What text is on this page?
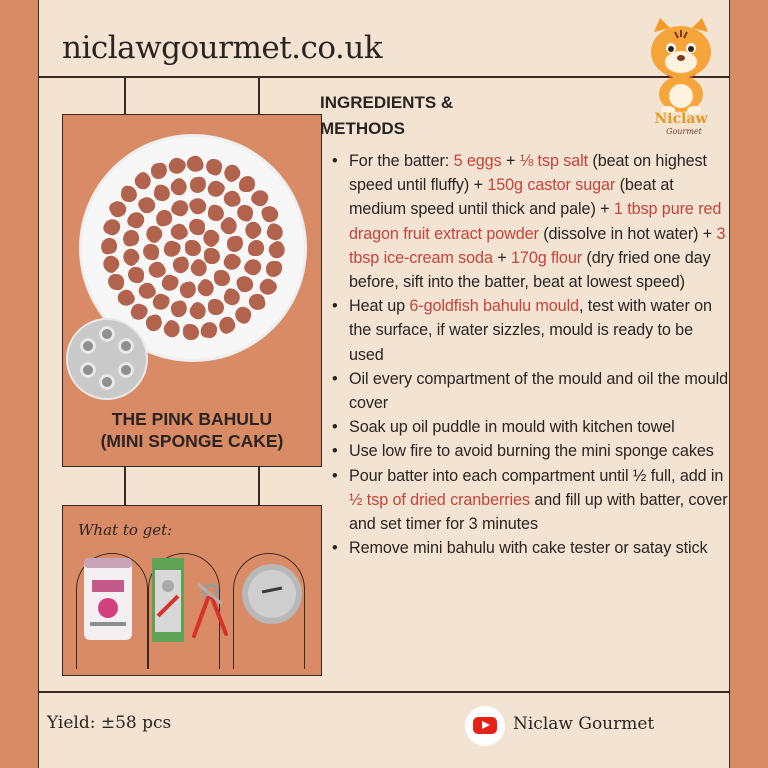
niclawgourmet.co.uk
Niclaw
Gourmet
THE PINK BAHULU
(MINI SPONGE CAKE)
What to get:
INGREDIENTS &
METHODS
• For the batter: 5 eggs + ⅛ tsp salt (beat on highest speed until fluffy) + 150g castor sugar (beat at medium speed until thick and pale) + 1 tbsp pure red dragon fruit extract powder (dissolve in hot water) + 3 tbsp ice-cream soda + 170g flour (dry fried one day before, sift into the batter, beat at lowest speed)
• Heat up 6-goldfish bahulu mould, test with water on the surface, if water sizzles, mould is ready to be used
• Oil every compartment of the mould and oil the mould cover
• Soak up oil puddle in mould with kitchen towel
• Use low fire to avoid burning the mini sponge cakes
• Pour batter into each compartment until ½ full, add in ½ tsp of dried cranberries and fill up with batter, cover and set timer for 3 minutes
• Remove mini bahulu with cake tester or satay stick
Yield: ±58 pcs	Niclaw Gourmet
